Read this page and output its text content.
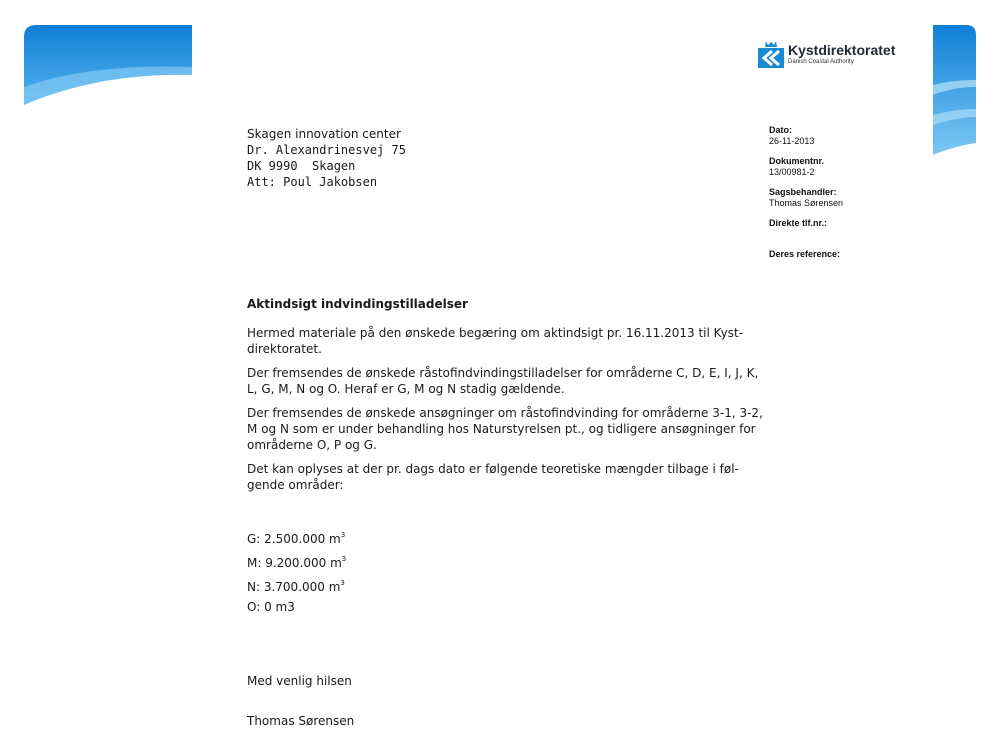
Kystdirektoratet
Danish Coastal Authority
Skagen innovation center
Dr. Alexandrinesvej 75
DK 9990  Skagen
Att: Poul Jakobsen
Dato:
26-11-2013
Dokumentnr.
13/00981-2
Sagsbehandler:
Thomas Sørensen
Direkte tlf.nr.:
Deres reference:
Aktindsigt indvindingstilladelser

Hermed materiale på den ønskede begæring om aktindsigt pr. 16.11.2013 til Kyst-direktoratet.

Der fremsendes de ønskede råstofindvindingstilladelser for områderne C, D, E, I, J, K, L, G, M, N og O. Heraf er G, M og N stadig gældende.

Der fremsendes de ønskede ansøgninger om råstofindvinding for områderne 3-1, 3-2, M og N som er under behandling hos Naturstyrelsen pt., og tidligere ansøgninger for områderne O, P og G.

Det kan oplyses at der pr. dags dato er følgende teoretiske mængder tilbage i føl-gende områder:

G: 2.500.000 $m^3$
M: 9.200.000 $m^3$
N: 3.700.000 $m^3$
O: 0 m3
Med venlig hilsen
Thomas Sørensen
